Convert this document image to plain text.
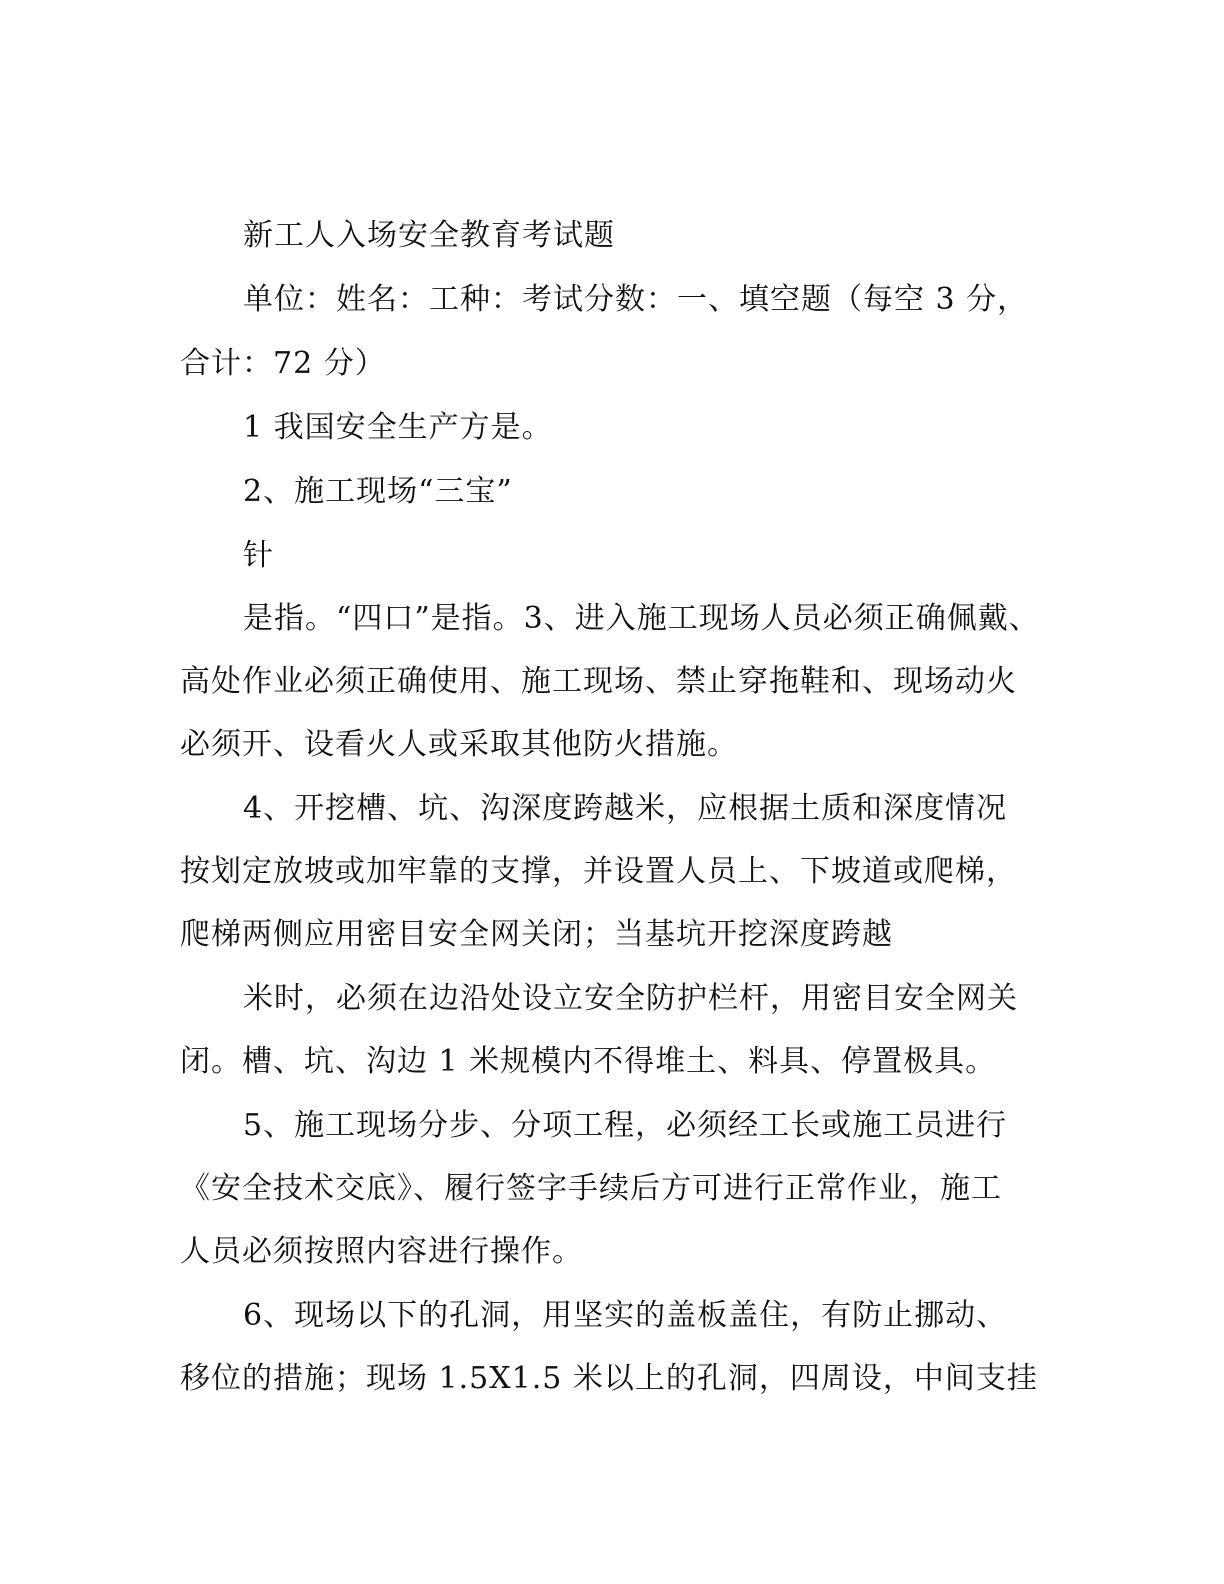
新工人入场安全教育考试题
单位：姓名：工种：考试分数：一、填空题（每空 3 分，
合计：72 分）
1 我国安全生产方是。
2、施工现场“三宝”
针
是指。“四口”是指。3、进入施工现场人员必须正确佩戴、
高处作业必须正确使用、施工现场、禁止穿拖鞋和、现场动火
必须开、设看火人或采取其他防火措施。
4、开挖槽、坑、沟深度跨越米，应根据土质和深度情况
按划定放坡或加牢靠的支撑，并设置人员上、下坡道或爬梯，
爬梯两侧应用密目安全网关闭；当基坑开挖深度跨越
米时，必须在边沿处设立安全防护栏杆，用密目安全网关
闭。槽、坑、沟边 1 米规模内不得堆土、料具、停置极具。
5、施工现场分步、分项工程，必须经工长或施工员进行
《安全技术交底》、履行签字手续后方可进行正常作业，施工
人员必须按照内容进行操作。
6、现场以下的孔洞，用坚实的盖板盖住，有防止挪动、
移位的措施；现场 1.5X1.5 米以上的孔洞，四周设，中间支挂
